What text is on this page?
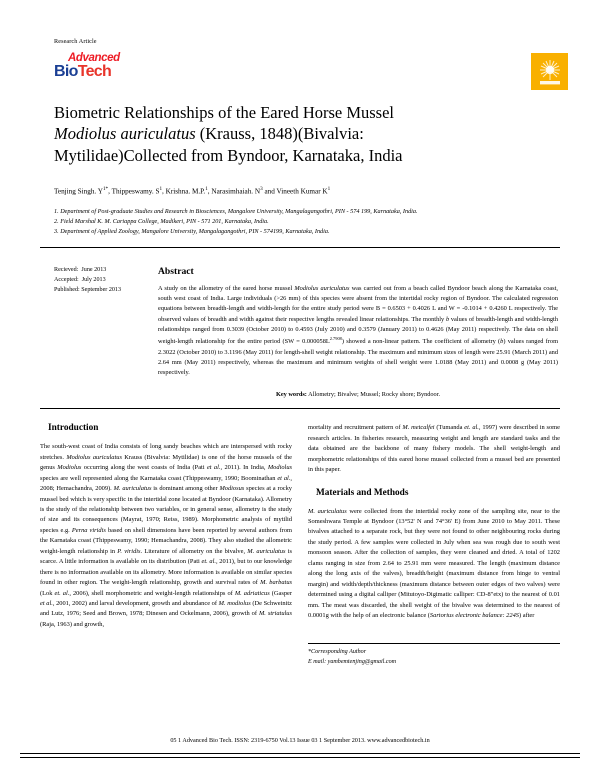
Research Article
Advanced
BioTech
Biometric Relationships of the Eared Horse Mussel
Modiolus auriculatus (Krauss, 1848)(Bivalvia:
Mytilidae)Collected from Byndoor, Karnataka, India
Tenjing Singh. $Y^{1*}$, Thippeswamy. $S^1$, Krishna. M.P.$^1$, Narasimhaiah. $N^3$ and Vineeth Kumar $K^1$
1. Department of Post-graduate Studies and Research in Biosciences, Mangalore University, Mangalagangothri, PIN - 574 199, Karnataka, India.
2. Field Marshal K. M. Cariappa College, Madikeri, PIN - 571 201, Karnataka, India.
3. Department of Applied Zoology, Mangalore University, Mangalagangothri, PIN - 574199, Karnataka, India.
Recieved:  June 2013
Accepted:  July 2013
Published: September 2013
Abstract
A study on the allometry of the eared horse mussel Modiolus auriculatus was carried out from a beach called Byndoor beach along the Karnataka coast, south west coast of India. Large individuals (>26 mm) of this species were absent from the intertidal rocky region of Byndoor. The calculated regression equations between breadth-length and width-length for the entire study period were B = 0.6503 + 0.4026 L and W = -0.1014 + 0.4260 L respectively. The observed values of breadth and width against their respective lengths revealed linear relationships. The monthly b values of breadth-length and width-length relationships ranged from 0.3039 (October 2010) to 0.4593 (July 2010) and 0.3579 (January 2011) to 0.4626 (May 2011) respectively. The data on shell weight-length relationship for the entire period $(SW = 0.000058L^{2.7908})$ showed a non-linear pattern. The coefficient of allometry (b) values ranged from 2.3022 (October 2010) to 3.1196 (May 2011) for length-shell weight relationship. The maximum and minimum sizes of length were 25.91 (March 2011) and 2.64 mm (May 2011) respectively, whereas the maximum and minimum weights of shell weight were 1.0188 (May 2011) and 0.0008 g (May 2011) respectively.
Key words: Allometry; Bivalve; Mussel; Rocky shore; Byndoor.
Introduction

The south-west coast of India consists of long sandy beaches which are interspersed with rocky stretches. Modiolus auriculatus Krauss (Bivalvia: Mytilidae) is one of the horse mussels of the genus Modiolus occurring along the west coasts of India (Pati et al., 2011). In India, Modiolus species are well represented along the Karnataka coast (Thippeswamy, 1990; Boominathan et al., 2008; Hemachandra, 2009). M. auriculatus is dominant among other Modiosus species at a rocky mussel bed which is very specific in the intertidal zone located at Byndoor (Karnataka). Allometry is the study of the relationship between two variables, or in general sense, allometry is the study of size and its consequences (Mayrat, 1970; Reiss, 1989). Morphometric analysis of mytilid species e.g. Perna viridis based on shell dimensions have been reported by several authors from the Karnataka coast (Thippeswamy, 1990; Hemachandra, 2008). They also studied the allometric weight-length relationship in P. viridis. Literature of allometry on the bivalve, M. auriculatus is scarce. A little information is available on its distribution (Pati et. al., 2011), but to our knowledge there is no information available on its allometry. More information is available on similar species found in other region. The weight-length relationship, growth and survival rates of M. barbatus (Lok et. al., 2006), shell morphometric and weight-length relationships of M. adriaticus (Gasper et al., 2001, 2002) and larval development, growth and abundance of M. modiolus (De Schweinitz and Lutz, 1976; Seed and Brown, 1978; Dinesen and Ockelmann, 2006), growth of M. striatulus (Raja, 1963) and growth,

mortality and recruitment pattern of M. metcalfei (Tumanda et. al., 1997) were described in some research articles. In fisheries research, measuring weight and length are standard tasks and the data obtained are the backbone of many fishery models. The shell weight-length and morphometric relationships of this eared horse mussel collected from a mussel bed are presented in this paper.

Materials and Methods

M. auriculatus were collected from the intertidal rocky zone of the sampling site, near to the Someshwara Temple at Byndoor (13°52' N and 74°36' E) from June 2010 to May 2011. These bivalves attached to a separate rock, but they were not found to other neighbouring rocks during the study period. A few samples were collected in July when sea was rough due to south west monsoon season. After the collection of samples, they were cleaned and dried. A total of 1202 clams ranging in size from 2.64 to 25.91 mm were measured. The length (maximum distance along the long axis of the valves), breadth/height (maximum distance from hinge to ventral margin) and width/depth/thickness (maximum distance between outer edges of two valves) were determined using a digital calliper (Mitutoyo-Digimatic calliper: CD-8"etx) to the nearest of 0.01 mm. The meat was discarded, the shell weight of the bivalve was determined to the nearest of 0.0001g with the help of an electronic balance (Sartorius electronic balance: 224S) after

*Corresponding Author
E mail: yambemtenjing@gmail.com
05 1 Advanced Bio Tech. ISSN: 2319-6750 Vol.13 Issue 03 1 September 2013. www.advancedbiotech.in
